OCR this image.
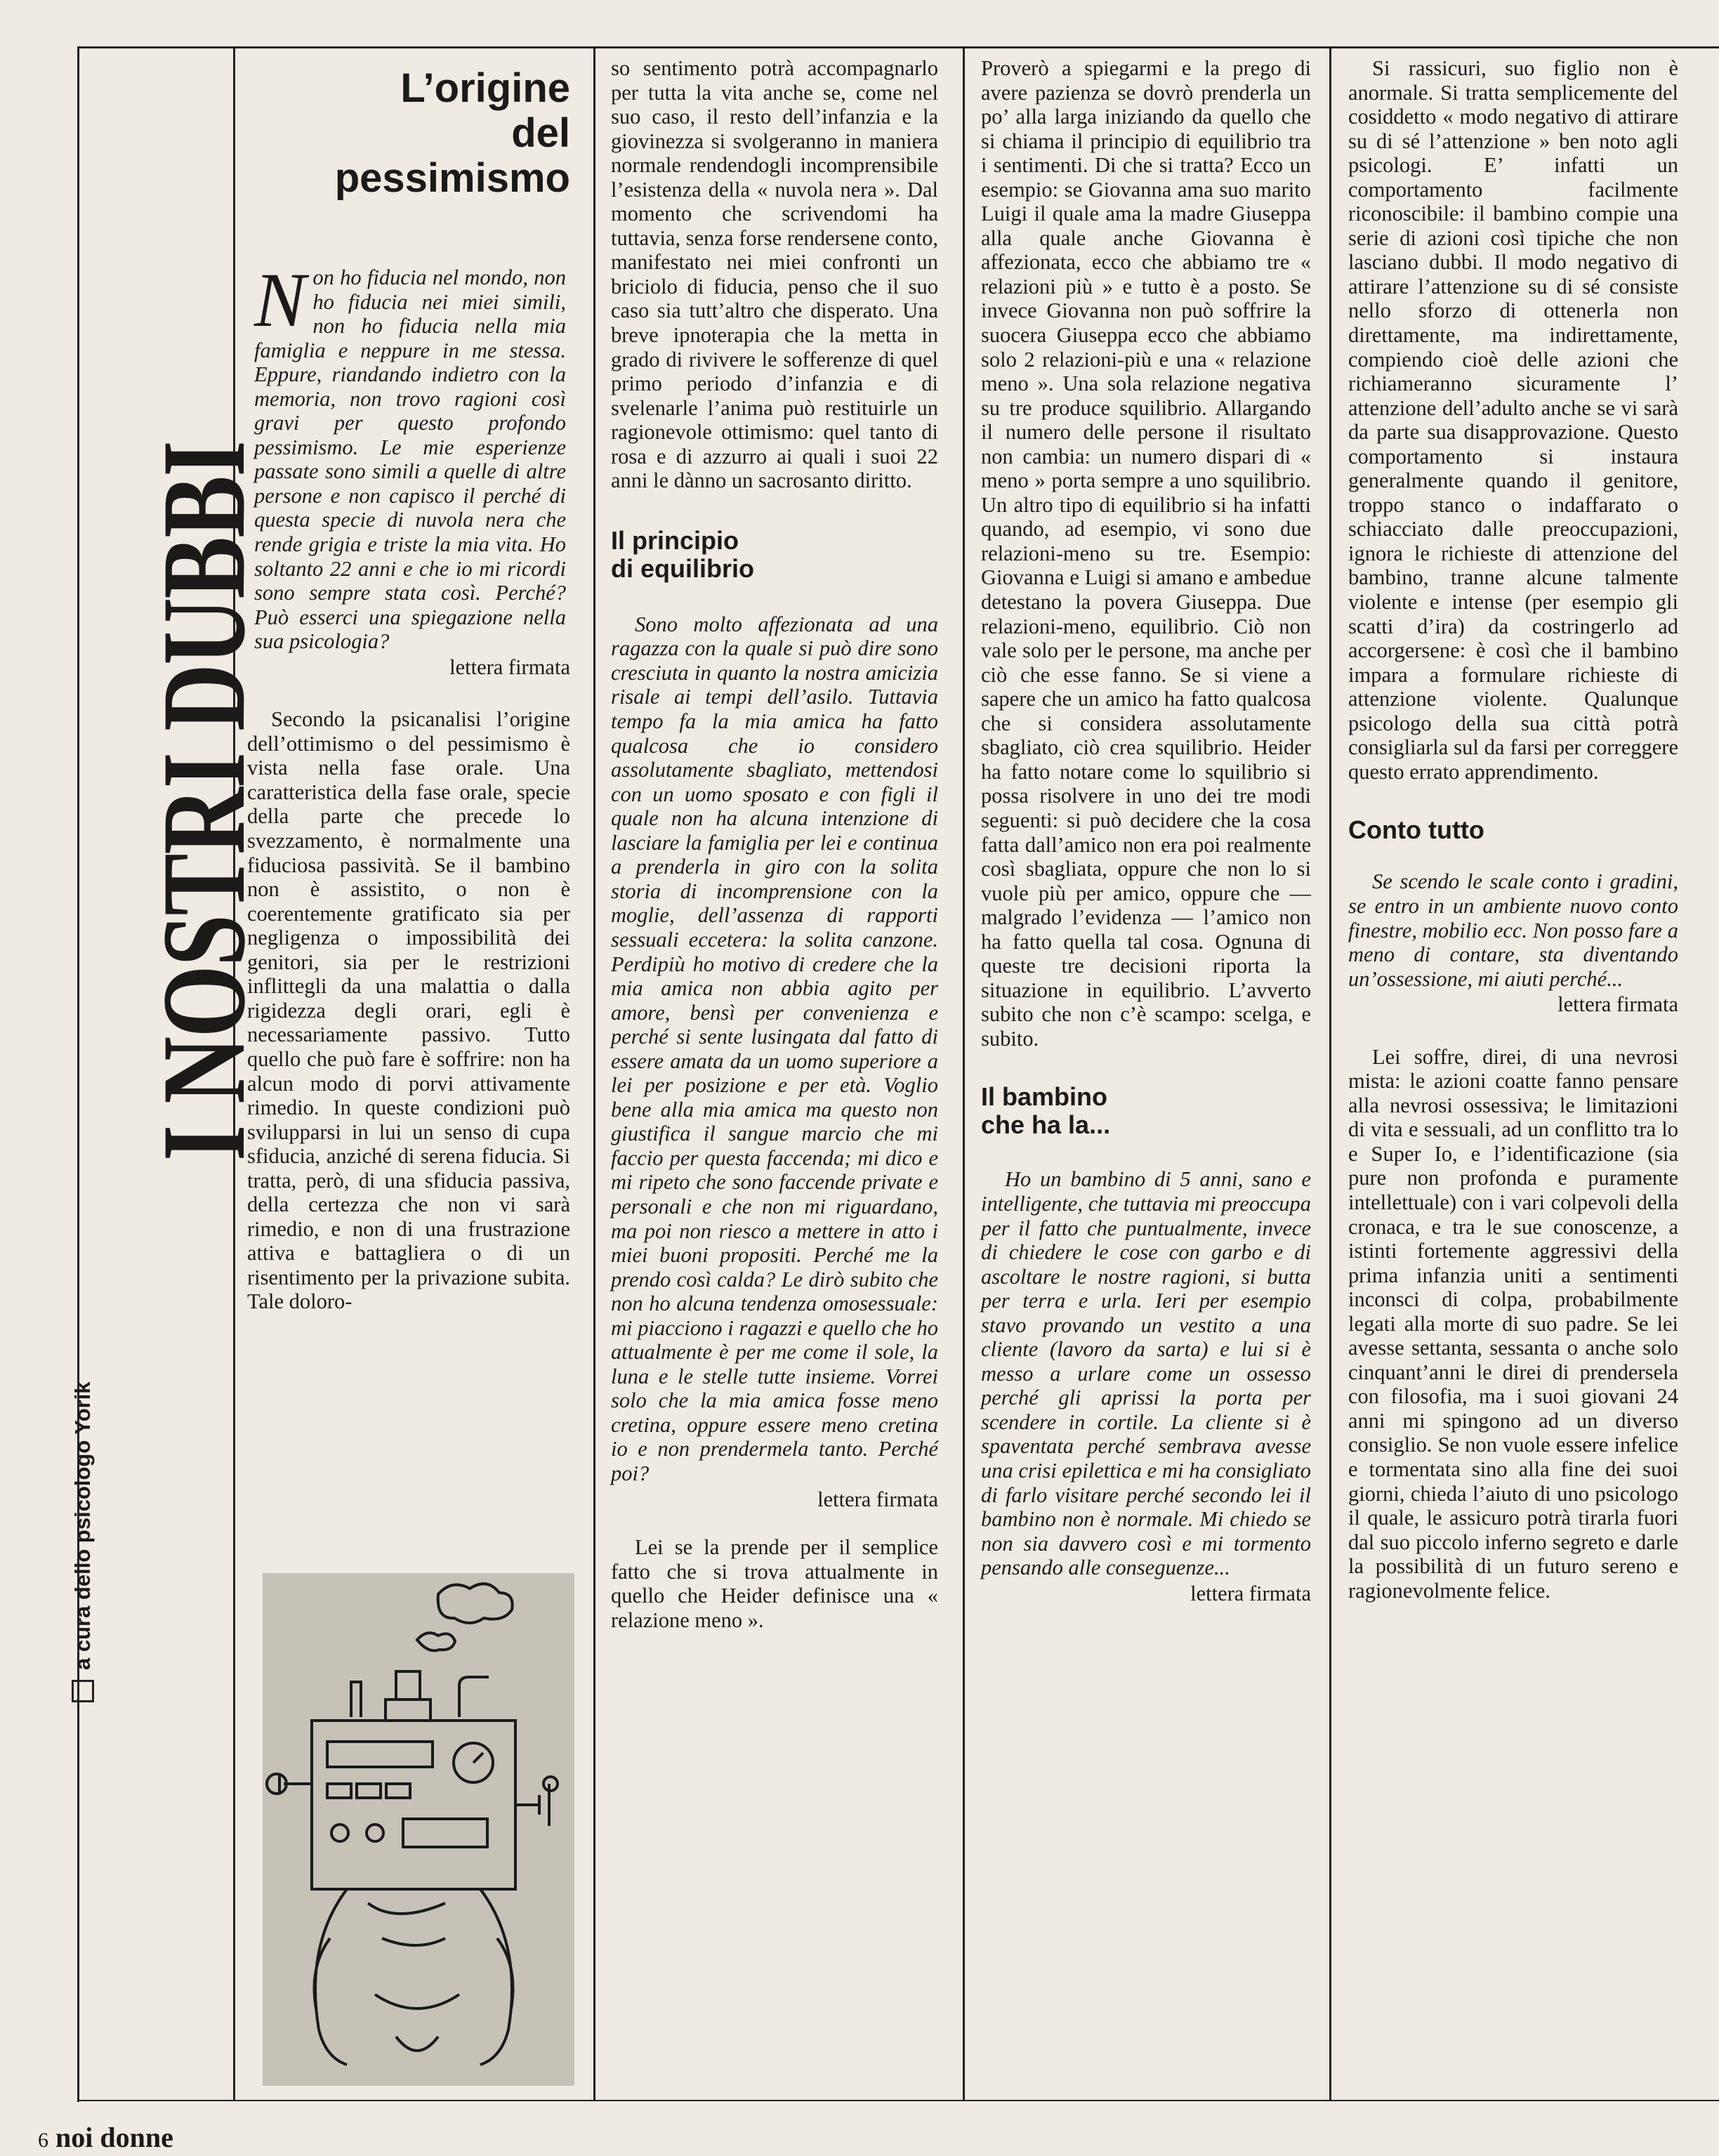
I NOSTRI DUBBI
a cura dello psicologo Yorik
L’origine
del
pessimismo

Non ho fiducia nel mondo, non ho fiducia nei miei simili, non ho fiducia nella mia famiglia e neppure in me stessa. Eppure, riandando indietro con la memoria, non trovo ragioni così gravi per questo profondo pessimismo. Le mie esperienze passate sono simili a quelle di altre persone e non capisco il perché di questa specie di nuvola nera che rende grigia e triste la mia vita. Ho soltanto 22 anni e che io mi ricordi sono sempre stata così. Perché? Può esserci una spiegazione nella sua psicologia?

lettera firmata

Secondo la psicanalisi l’origine dell’ottimismo o del pessimismo è vista nella fase orale. Una caratteristica della fase orale, specie della parte che precede lo svezzamento, è normalmente una fiduciosa passività. Se il bambino non è assistito, o non è coerentemente gratificato sia per negligenza o impossibilità dei genitori, sia per le restrizioni inflittegli da una malattia o dalla rigidezza degli orari, egli è necessariamente passivo. Tutto quello che può fare è soffrire: non ha alcun modo di porvi attivamente rimedio. In queste condizioni può svilupparsi in lui un senso di cupa sfiducia, anziché di serena fiducia. Si tratta, però, di una sfiducia passiva, della certezza che non vi sarà rimedio, e non di una frustrazione attiva e battagliera o di un risentimento per la privazione subita. Tale doloro-

so sentimento potrà accompagnarlo per tutta la vita anche se, come nel suo caso, il resto dell’infanzia e la giovinezza si svolgeranno in maniera normale rendendogli incomprensibile l’esistenza della « nuvola nera ». Dal momento che scrivendomi ha tuttavia, senza forse rendersene conto, manifestato nei miei confronti un briciolo di fiducia, penso che il suo caso sia tutt’altro che disperato. Una breve ipnoterapia che la metta in grado di rivivere le sofferenze di quel primo periodo d’infanzia e di svelenarle l’anima può restituirle un ragionevole ottimismo: quel tanto di rosa e di azzurro ai quali i suoi 22 anni le dànno un sacrosanto diritto.

Il principio
di equilibrio

Sono molto affezionata ad una ragazza con la quale si può dire sono cresciuta in quanto la nostra amicizia risale ai tempi dell’asilo. Tuttavia tempo fa la mia amica ha fatto qualcosa che io considero assolutamente sbagliato, mettendosi con un uomo sposato e con figli il quale non ha alcuna intenzione di lasciare la famiglia per lei e continua a prenderla in giro con la solita storia di incomprensione con la moglie, dell’assenza di rapporti sessuali eccetera: la solita canzone. Perdipiù ho motivo di credere che la mia amica non abbia agito per amore, bensì per convenienza e perché si sente lusingata dal fatto di essere amata da un uomo superiore a lei per posizione e per età. Voglio bene alla mia amica ma questo non giustifica il sangue marcio che mi faccio per questa faccenda; mi dico e mi ripeto che sono faccende private e personali e che non mi riguardano, ma poi non riesco a mettere in atto i miei buoni propositi. Perché me la prendo così calda? Le dirò subito che non ho alcuna tendenza omosessuale: mi piacciono i ragazzi e quello che ho attualmente è per me come il sole, la luna e le stelle tutte insieme. Vorrei solo che la mia amica fosse meno cretina, oppure essere meno cretina io e non prendermela tanto. Perché poi?

lettera firmata

Lei se la prende per il semplice fatto che si trova attualmente in quello che Heider definisce una « relazione meno ».

Proverò a spiegarmi e la prego di avere pazienza se dovrò prenderla un po’ alla larga iniziando da quello che si chiama il principio di equilibrio tra i sentimenti. Di che si tratta? Ecco un esempio: se Giovanna ama suo marito Luigi il quale ama la madre Giuseppa alla quale anche Giovanna è affezionata, ecco che abbiamo tre « relazioni più » e tutto è a posto. Se invece Giovanna non può soffrire la suocera Giuseppa ecco che abbiamo solo 2 relazioni-più e una « relazione meno ». Una sola relazione negativa su tre produce squilibrio. Allargando il numero delle persone il risultato non cambia: un numero dispari di « meno » porta sempre a uno squilibrio. Un altro tipo di equilibrio si ha infatti quando, ad esempio, vi sono due relazioni-meno su tre. Esempio: Giovanna e Luigi si amano e ambedue detestano la povera Giuseppa. Due relazioni-meno, equilibrio. Ciò non vale solo per le persone, ma anche per ciò che esse fanno. Se si viene a sapere che un amico ha fatto qualcosa che si considera assolutamente sbagliato, ciò crea squilibrio. Heider ha fatto notare come lo squilibrio si possa risolvere in uno dei tre modi seguenti: si può decidere che la cosa fatta dall’amico non era poi realmente così sbagliata, oppure che non lo si vuole più per amico, oppure che — malgrado l’evidenza — l’amico non ha fatto quella tal cosa. Ognuna di queste tre decisioni riporta la situazione in equilibrio. L’avverto subito che non c’è scampo: scelga, e subito.

Il bambino
che ha la...

Ho un bambino di 5 anni, sano e intelligente, che tuttavia mi preoccupa per il fatto che puntualmente, invece di chiedere le cose con garbo e di ascoltare le nostre ragioni, si butta per terra e urla. Ieri per esempio stavo provando un vestito a una cliente (lavoro da sarta) e lui si è messo a urlare come un ossesso perché gli aprissi la porta per scendere in cortile. La cliente si è spaventata perché sembrava avesse una crisi epilettica e mi ha consigliato di farlo visitare perché secondo lei il bambino non è normale. Mi chiedo se non sia davvero così e mi tormento pensando alle conseguenze...

lettera firmata

Si rassicuri, suo figlio non è anormale. Si tratta semplicemente del cosiddetto « modo negativo di attirare su di sé l’attenzione » ben noto agli psicologi. E’ infatti un comportamento facilmente riconoscibile: il bambino compie una serie di azioni così tipiche che non lasciano dubbi. Il modo negativo di attirare l’attenzione su di sé consiste nello sforzo di ottenerla non direttamente, ma indirettamente, compiendo cioè delle azioni che richiameranno sicuramente l’ attenzione dell’adulto anche se vi sarà da parte sua disapprovazione. Questo comportamento si instaura generalmente quando il genitore, troppo stanco o indaffarato o schiacciato dalle preoccupazioni, ignora le richieste di attenzione del bambino, tranne alcune talmente violente e intense (per esempio gli scatti d’ira) da costringerlo ad accorgersene: è così che il bambino impara a formulare richieste di attenzione violente. Qualunque psicologo della sua città potrà consigliarla sul da farsi per correggere questo errato apprendimento.

Conto tutto

Se scendo le scale conto i gradini, se entro in un ambiente nuovo conto finestre, mobilio ecc. Non posso fare a meno di contare, sta diventando un’ossessione, mi aiuti perché...

lettera firmata

Lei soffre, direi, di una nevrosi mista: le azioni coatte fanno pensare alla nevrosi ossessiva; le limitazioni di vita e sessuali, ad un conflitto tra lo e Super Io, e l’identificazione (sia pure non profonda e puramente intellettuale) con i vari colpevoli della cronaca, e tra le sue conoscenze, a istinti fortemente aggressivi della prima infanzia uniti a sentimenti inconsci di colpa, probabilmente legati alla morte di suo padre. Se lei avesse settanta, sessanta o anche solo cinquant’anni le direi di prendersela con filosofia, ma i suoi giovani 24 anni mi spingono ad un diverso consiglio. Se non vuole essere infelice e tormentata sino alla fine dei suoi giorni, chieda l’aiuto di uno psicologo il quale, le assicuro potrà tirarla fuori dal suo piccolo inferno segreto e darle la possibilità di un futuro sereno e ragionevolmente felice.

6 noi donne
